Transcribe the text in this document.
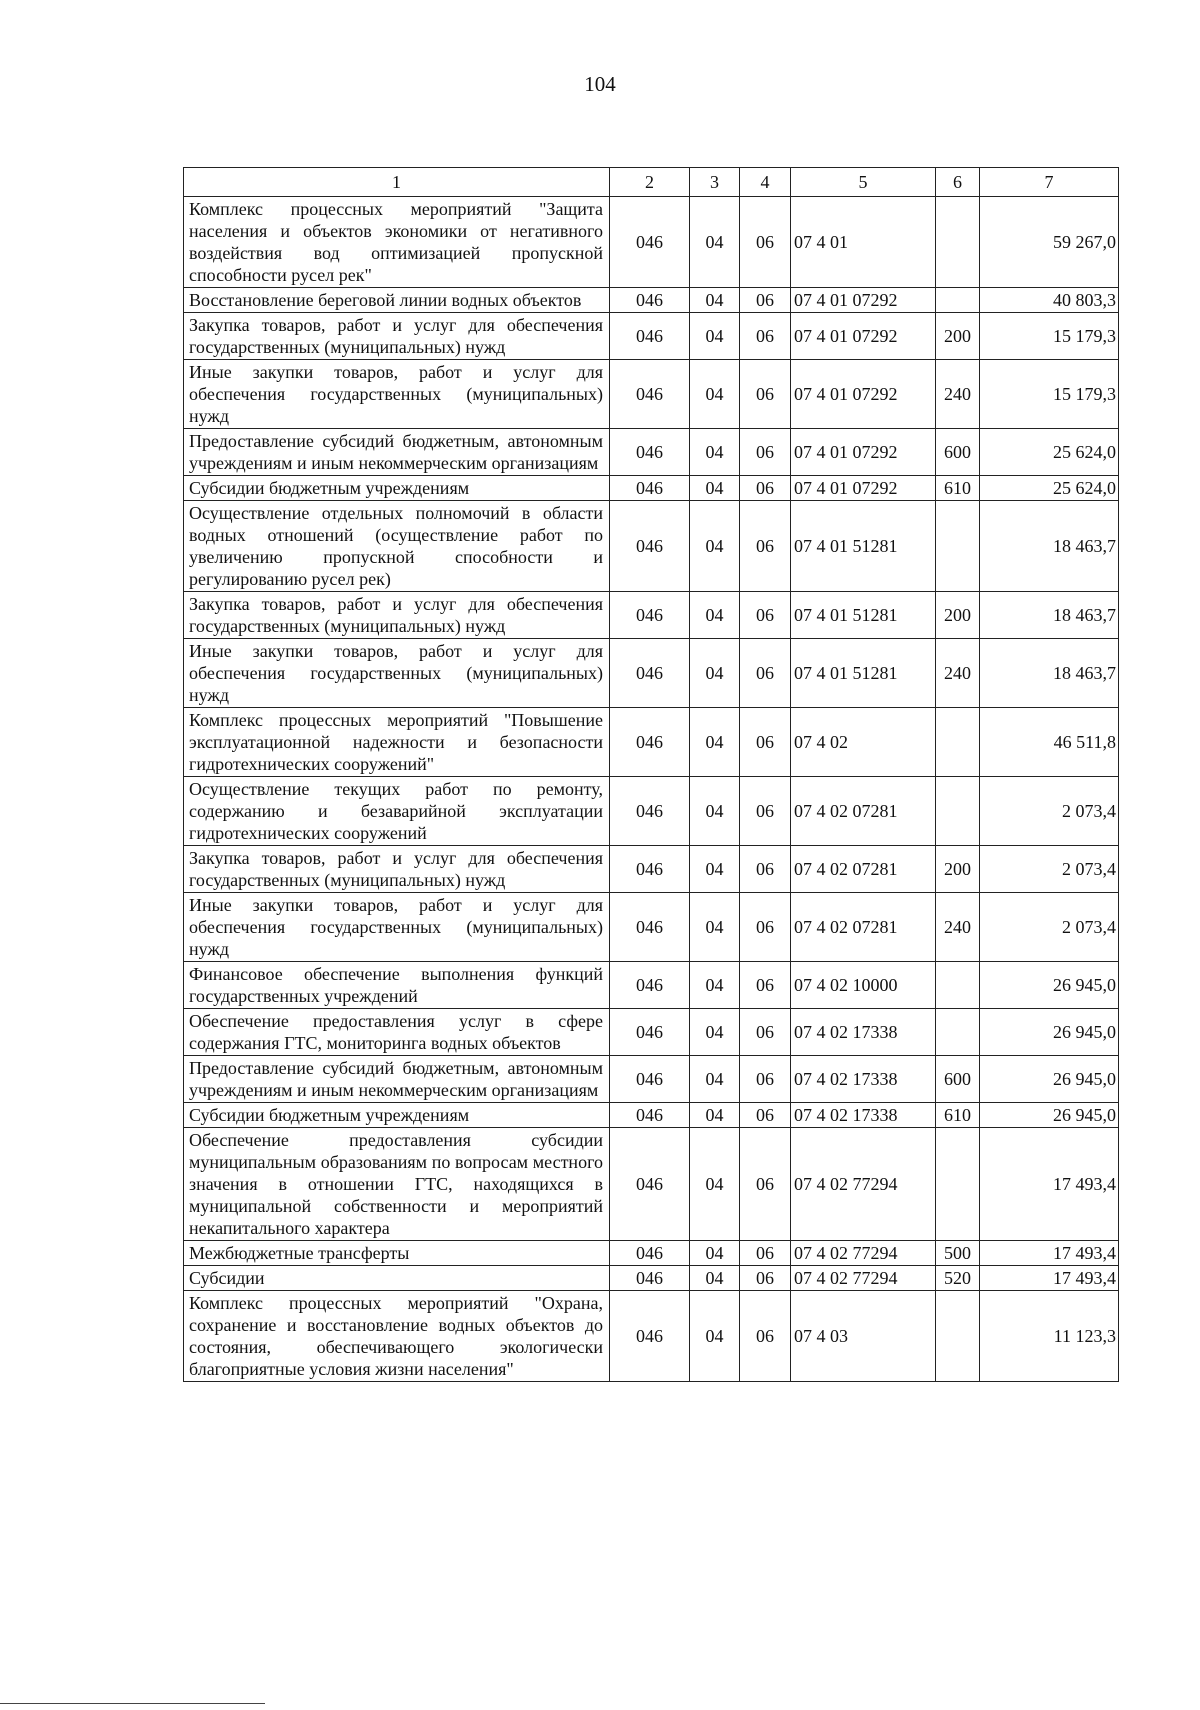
104
1	2	3	4	5	6	7
Комплекс процессных мероприятий "Защита населения и объектов экономики от негативного воздействия вод оптимизацией пропускной способности русел рек"	046	04	06	07 4 01		59 267,0
Восстановление береговой линии водных объектов	046	04	06	07 4 01 07292		40 803,3
Закупка товаров, работ и услуг для обеспечения государственных (муниципальных) нужд	046	04	06	07 4 01 07292	200	15 179,3
Иные закупки товаров, работ и услуг для обеспечения государственных (муниципальных) нужд	046	04	06	07 4 01 07292	240	15 179,3
Предоставление субсидий бюджетным, автономным учреждениям и иным некоммерческим организациям	046	04	06	07 4 01 07292	600	25 624,0
Субсидии бюджетным учреждениям	046	04	06	07 4 01 07292	610	25 624,0
Осуществление отдельных полномочий в области водных отношений (осуществление работ по увеличению пропускной способности и регулированию русел рек)	046	04	06	07 4 01 51281		18 463,7
Закупка товаров, работ и услуг для обеспечения государственных (муниципальных) нужд	046	04	06	07 4 01 51281	200	18 463,7
Иные закупки товаров, работ и услуг для обеспечения государственных (муниципальных) нужд	046	04	06	07 4 01 51281	240	18 463,7
Комплекс процессных мероприятий "Повышение эксплуатационной надежности и безопасности гидротехнических сооружений"	046	04	06	07 4 02		46 511,8
Осуществление текущих работ по ремонту, содержанию и безаварийной эксплуатации гидротехнических сооружений	046	04	06	07 4 02 07281		2 073,4
Закупка товаров, работ и услуг для обеспечения государственных (муниципальных) нужд	046	04	06	07 4 02 07281	200	2 073,4
Иные закупки товаров, работ и услуг для обеспечения государственных (муниципальных) нужд	046	04	06	07 4 02 07281	240	2 073,4
Финансовое обеспечение выполнения функций государственных учреждений	046	04	06	07 4 02 10000		26 945,0
Обеспечение предоставления услуг в сфере содержания ГТС, мониторинга водных объектов	046	04	06	07 4 02 17338		26 945,0
Предоставление субсидий бюджетным, автономным учреждениям и иным некоммерческим организациям	046	04	06	07 4 02 17338	600	26 945,0
Субсидии бюджетным учреждениям	046	04	06	07 4 02 17338	610	26 945,0
Обеспечение предоставления субсидии муниципальным образованиям по вопросам местного значения в отношении ГТС, находящихся в муниципальной собственности и мероприятий некапитального характера	046	04	06	07 4 02 77294		17 493,4
Межбюджетные трансферты	046	04	06	07 4 02 77294	500	17 493,4
Субсидии	046	04	06	07 4 02 77294	520	17 493,4
Комплекс процессных мероприятий "Охрана, сохранение и восстановление водных объектов до состояния, обеспечивающего экологически благоприятные условия жизни населения"	046	04	06	07 4 03		11 123,3
